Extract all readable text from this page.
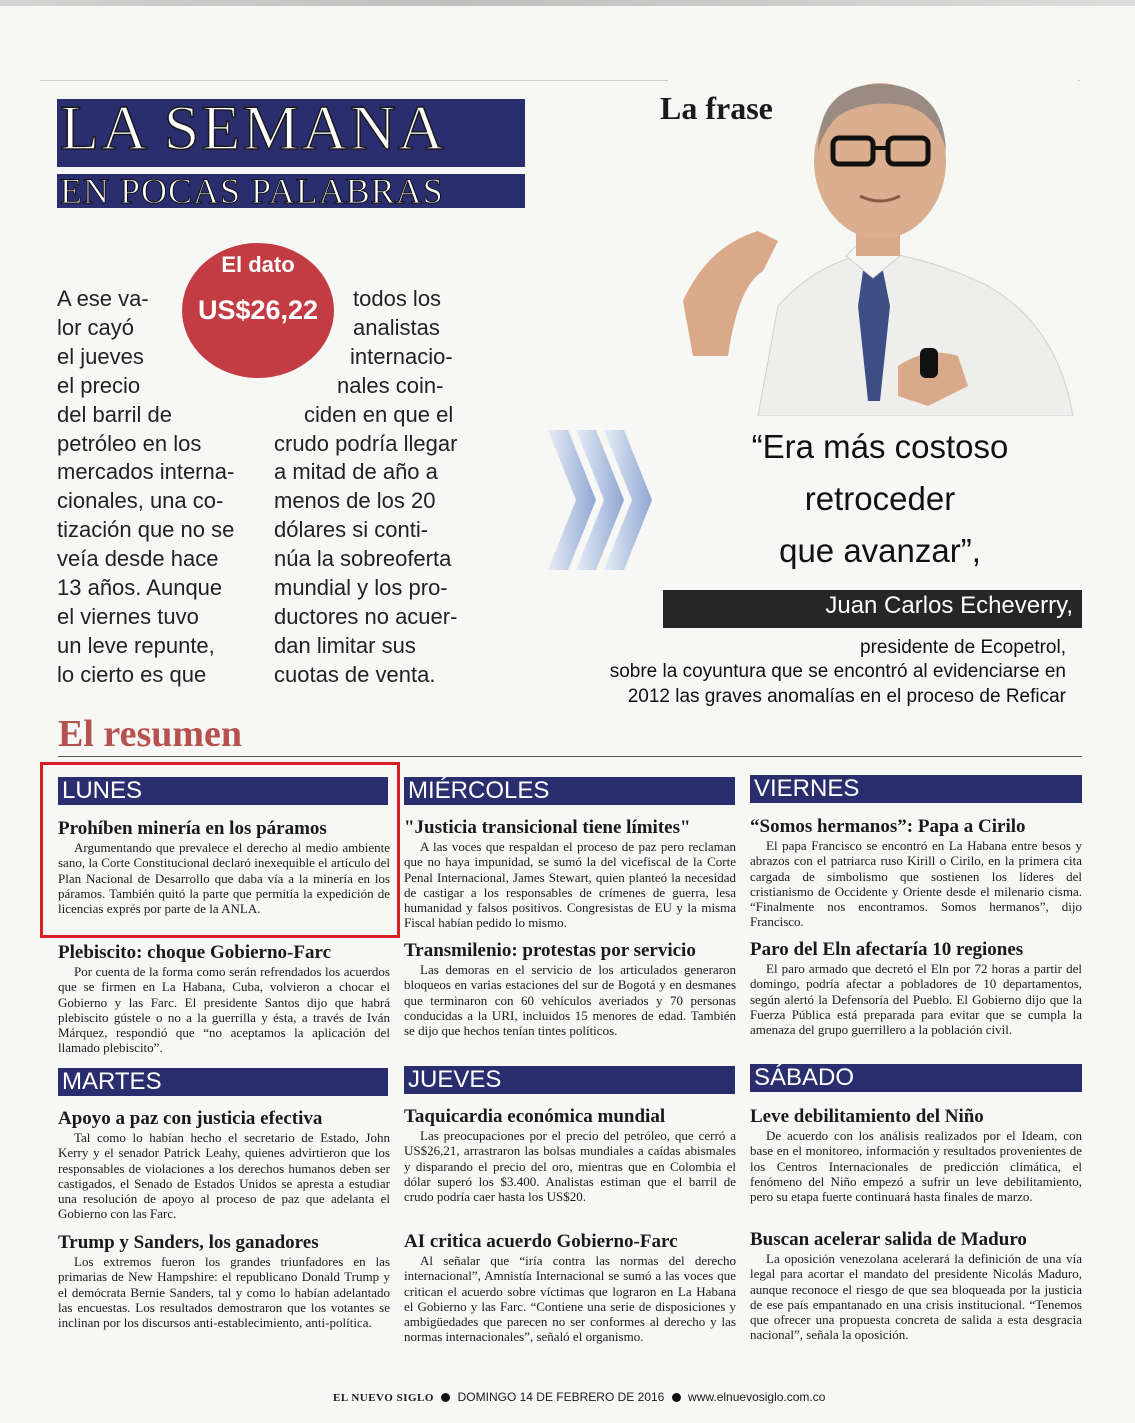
LA SEMANA
EN POCAS PALABRAS
El dato
US$26,22
A ese va-
lor cayó
el jueves
el precio
del barril de
petróleo en los
mercados interna-
cionales, una co-
tización que no se
veía desde hace
13 años. Aunque
el viernes tuvo
un leve repunte,
lo cierto es que
todos los
analistas
internacio-
nales coin-
ciden en que el
crudo podría llegar
a mitad de año a
menos de los 20
dólares si conti-
núa la sobreoferta
mundial y los pro-
ductores no acuer-
dan limitar sus
cuotas de venta.
La frase
“Era más costoso
retroceder
que avanzar”,
Juan Carlos Echeverry,
presidente de Ecopetrol,
sobre la coyuntura que se encontró al evidenciarse en
2012 las graves anomalías en el proceso de Reficar
El resumen
LUNES
Prohíben minería en los páramos
Argumentando que prevalece el derecho al medio ambiente sano, la Corte Constitucional declaró inexequible el artículo del Plan Nacional de Desarrollo que daba vía a la minería en los páramos. También quitó la parte que permitía la expedición de licencias exprés por parte de la ANLA.
Plebiscito: choque Gobierno-Farc
Por cuenta de la forma como serán refrendados los acuerdos que se firmen en La Habana, Cuba, volvieron a chocar el Gobierno y las Farc. El presidente Santos dijo que habrá plebiscito gústele o no a la guerrilla y ésta, a través de Iván Márquez, respondió que “no aceptamos la aplicación del llamado plebiscito”.
MARTES
Apoyo a paz con justicia efectiva
Tal como lo habían hecho el secretario de Estado, John Kerry y el senador Patrick Leahy, quienes advirtieron que los responsables de violaciones a los derechos humanos deben ser castigados, el Senado de Estados Unidos se apresta a estudiar una resolución de apoyo al proceso de paz que adelanta el Gobierno con las Farc.
Trump y Sanders, los ganadores
Los extremos fueron los grandes triunfadores en las primarias de New Hampshire: el republicano Donald Trump y el demócrata Bernie Sanders, tal y como lo habían adelantado las encuestas. Los resultados demostraron que los votantes se inclinan por los discursos anti-establecimiento, anti-política.
MIÉRCOLES
"Justicia transicional tiene límites"
A las voces que respaldan el proceso de paz pero reclaman que no haya impunidad, se sumó la del vicefiscal de la Corte Penal Internacional, James Stewart, quien planteó la necesidad de castigar a los responsables de crímenes de guerra, lesa humanidad y falsos positivos. Congresistas de EU y la misma Fiscal habían pedido lo mismo.
Transmilenio: protestas por servicio
Las demoras en el servicio de los articulados generaron bloqueos en varias estaciones del sur de Bogotá y en desmanes que terminaron con 60 vehículos averiados y 70 personas conducidas a la URI, incluidos 15 menores de edad. También se dijo que hechos tenían tintes políticos.
JUEVES
Taquicardia económica mundial
Las preocupaciones por el precio del petróleo, que cerró a US$26,21, arrastraron las bolsas mundiales a caídas abismales y disparando el precio del oro, mientras que en Colombia el dólar superó los $3.400. Analistas estiman que el barril de crudo podría caer hasta los US$20.
AI critica acuerdo Gobierno-Farc
Al señalar que “iría contra las normas del derecho internacional”, Amnistía Internacional se sumó a las voces que critican el acuerdo sobre víctimas que lograron en La Habana el Gobierno y las Farc. “Contiene una serie de disposiciones y ambigüedades que parecen no ser conformes al derecho y las normas internacionales”, señaló el organismo.
VIERNES
“Somos hermanos”: Papa a Cirilo
El papa Francisco se encontró en La Habana entre besos y abrazos con el patriarca ruso Kirill o Cirilo, en la primera cita cargada de simbolismo que sostienen los líderes del cristianismo de Occidente y Oriente desde el milenario cisma. “Finalmente nos encontramos. Somos hermanos”, dijo Francisco.
Paro del Eln afectaría 10 regiones
El paro armado que decretó el Eln por 72 horas a partir del domingo, podría afectar a pobladores de 10 departamentos, según alertó la Defensoría del Pueblo. El Gobierno dijo que la Fuerza Pública está preparada para evitar que se cumpla la amenaza del grupo guerrillero a la población civil.
SÁBADO
Leve debilitamiento del Niño
De acuerdo con los análisis realizados por el Ideam, con base en el monitoreo, información y resultados provenientes de los Centros Internacionales de predicción climática, el fenómeno del Niño empezó a sufrir un leve debilitamiento, pero su etapa fuerte continuará hasta finales de marzo.
Buscan acelerar salida de Maduro
La oposición venezolana acelerará la definición de una vía legal para acortar el mandato del presidente Nicolás Maduro, aunque reconoce el riesgo de que sea bloqueada por la justicia de ese país empantanado en una crisis institucional. “Tenemos que ofrecer una propuesta concreta de salida a esta desgracia nacional”, señala la oposición.
EL NUEVO SIGLO DOMINGO 14 DE FEBRERO DE 2016 www.elnuevosiglo.com.co
